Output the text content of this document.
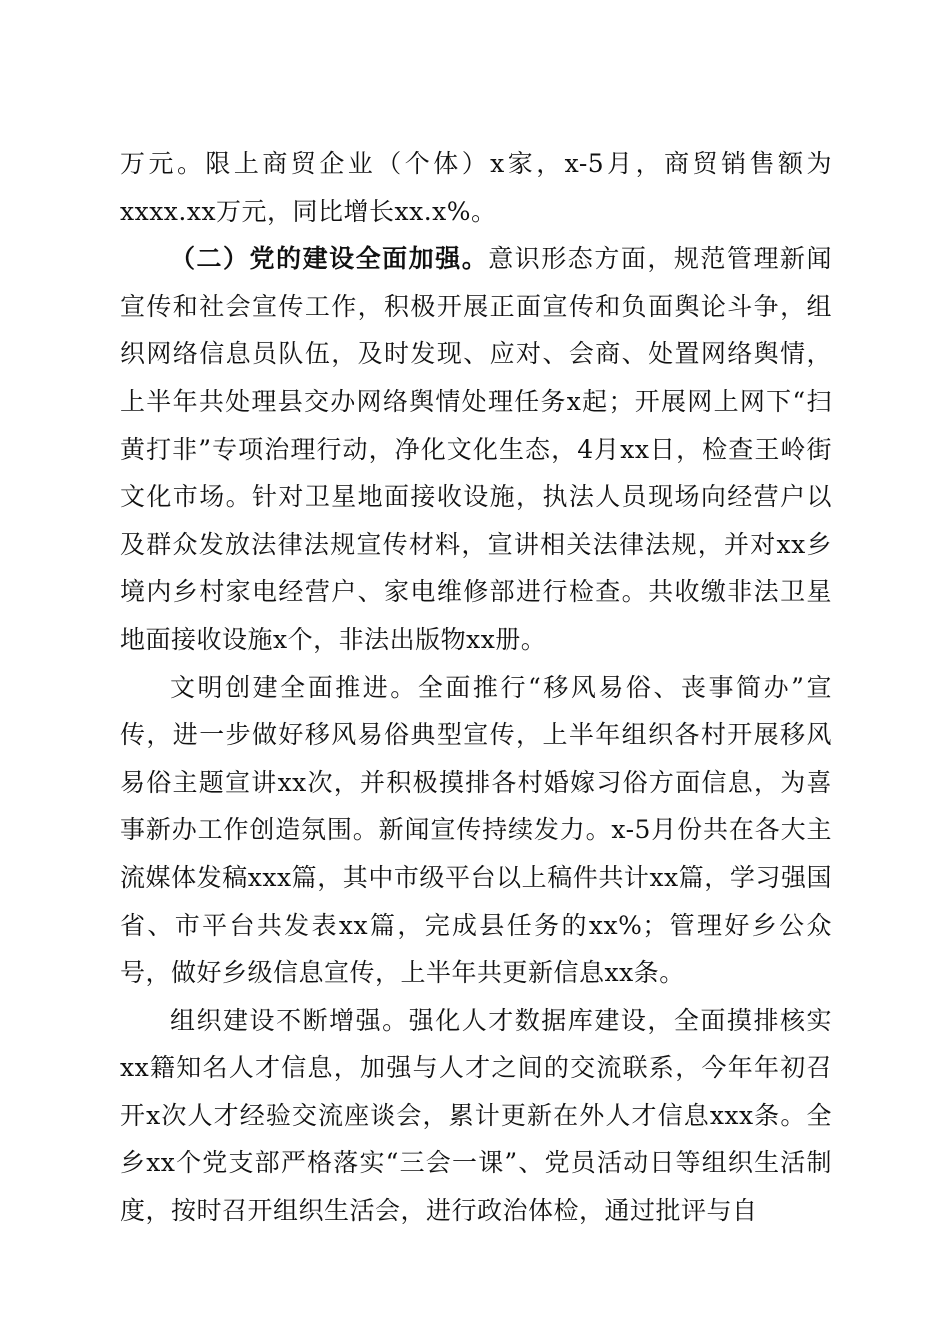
万元。限上商贸企业（个体）x家，x-5月，商贸销售额为xxxx.xx万元，同比增长xx.x%。

（二）党的建设全面加强。意识形态方面，规范管理新闻宣传和社会宣传工作，积极开展正面宣传和负面舆论斗争，组织网络信息员队伍，及时发现、应对、会商、处置网络舆情，上半年共处理县交办网络舆情处理任务x起；开展网上网下“扫黄打非”专项治理行动，净化文化生态，4月xx日，检查王岭街文化市场。针对卫星地面接收设施，执法人员现场向经营户以及群众发放法律法规宣传材料，宣讲相关法律法规，并对xx乡境内乡村家电经营户、家电维修部进行检查。共收缴非法卫星地面接收设施x个，非法出版物xx册。

文明创建全面推进。全面推行“移风易俗、丧事简办”宣传，进一步做好移风易俗典型宣传，上半年组织各村开展移风易俗主题宣讲xx次，并积极摸排各村婚嫁习俗方面信息，为喜事新办工作创造氛围。新闻宣传持续发力。x-5月份共在各大主流媒体发稿xxx篇，其中市级平台以上稿件共计xx篇，学习强国省、市平台共发表xx篇，完成县任务的xx%；管理好乡公众号，做好乡级信息宣传，上半年共更新信息xx条。

组织建设不断增强。强化人才数据库建设，全面摸排核实xx籍知名人才信息，加强与人才之间的交流联系，今年年初召开x次人才经验交流座谈会，累计更新在外人才信息xxx条。全乡xx个党支部严格落实“三会一课”、党员活动日等组织生活制度，按时召开组织生活会，进行政治体检，通过批评与自
